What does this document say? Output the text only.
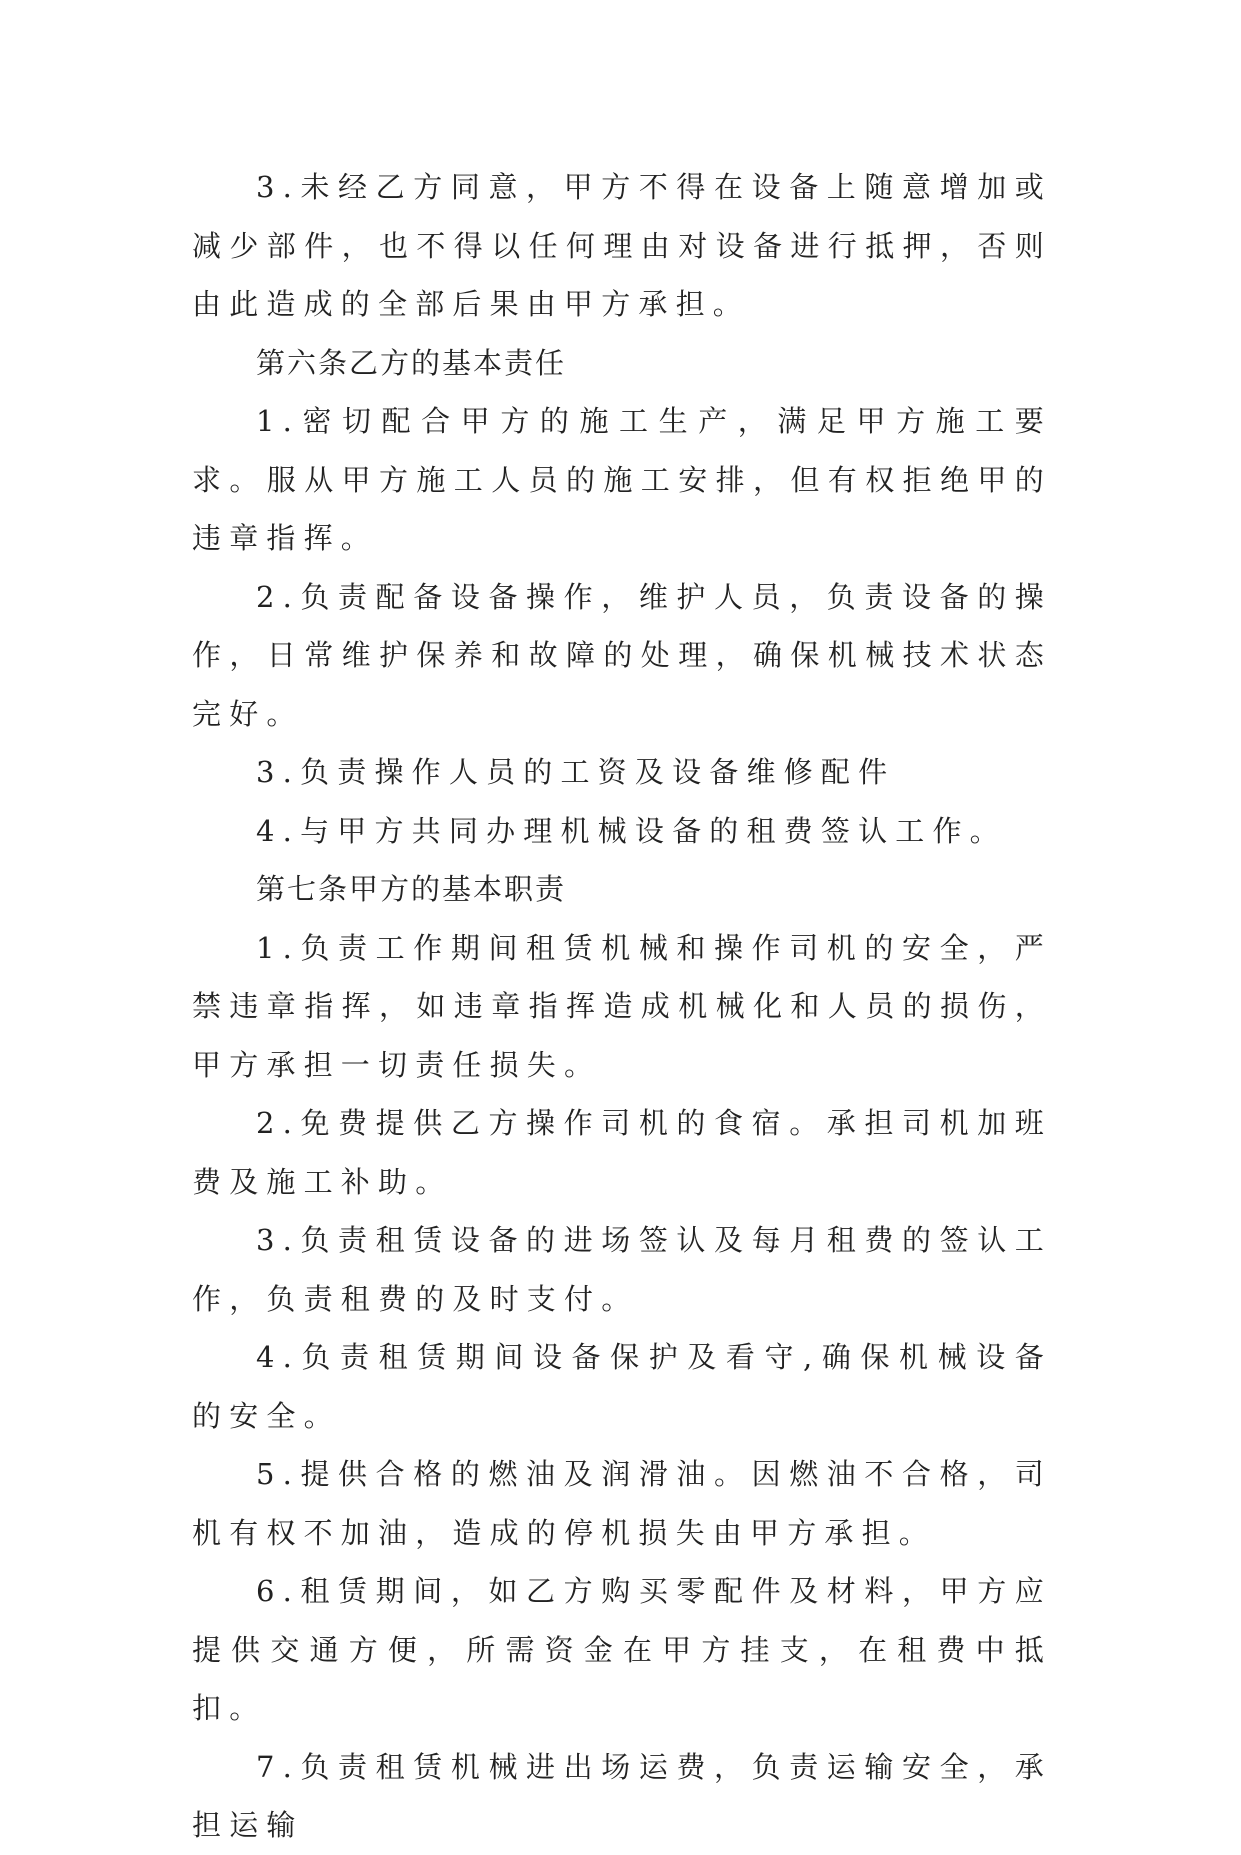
3.未经乙方同意，甲方不得在设备上随意增加或减少部件，也不得以任何理由对设备进行抵押，否则由此造成的全部后果由甲方承担。

第六条乙方的基本责任

1.密切配合甲方的施工生产，满足甲方施工要求。服从甲方施工人员的施工安排，但有权拒绝甲的违章指挥。

2.负责配备设备操作，维护人员，负责设备的操作，日常维护保养和故障的处理，确保机械技术状态完好。

3.负责操作人员的工资及设备维修配件

4.与甲方共同办理机械设备的租费签认工作。

第七条甲方的基本职责

1.负责工作期间租赁机械和操作司机的安全，严禁违章指挥，如违章指挥造成机械化和人员的损伤，甲方承担一切责任损失。

2.免费提供乙方操作司机的食宿。承担司机加班费及施工补助。

3.负责租赁设备的进场签认及每月租费的签认工作，负责租费的及时支付。

4.负责租赁期间设备保护及看守,确保机械设备的安全。

5.提供合格的燃油及润滑油。因燃油不合格，司机有权不加油，造成的停机损失由甲方承担。

6.租赁期间，如乙方购买零配件及材料，甲方应提供交通方便，所需资金在甲方挂支，在租费中抵扣。

7.负责租赁机械进出场运费，负责运输安全，承担运输
